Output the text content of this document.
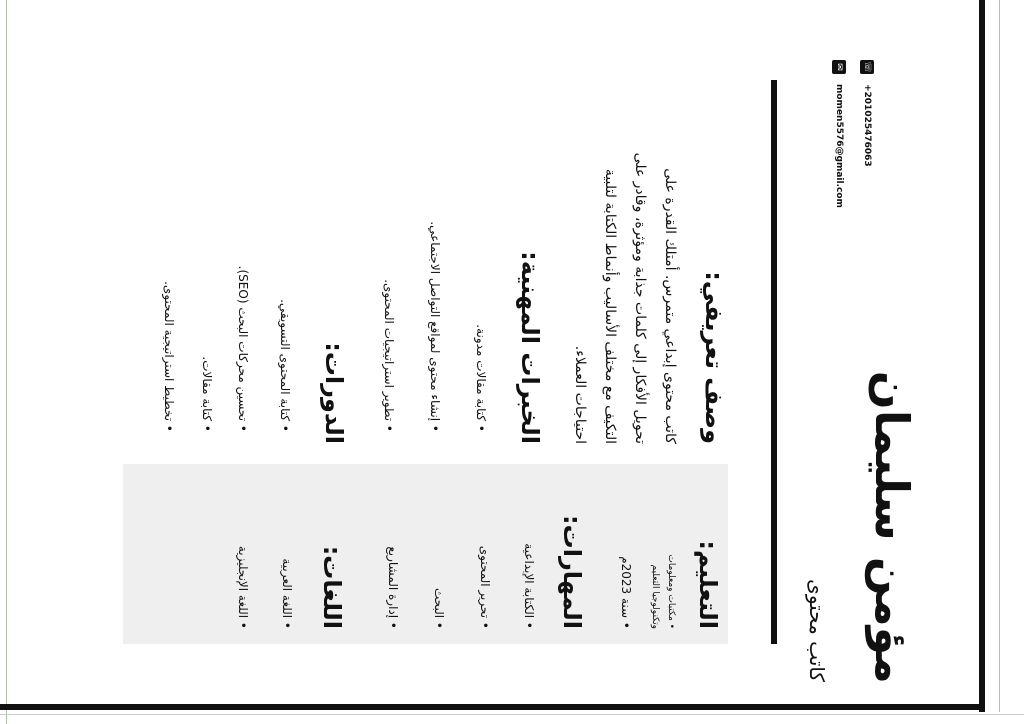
مؤمن سليمان
كاتب محتوى
☏
+201025476063
✉
momen5576@gmail.com
التعليم:
• مكتبات ومعلومات
وتكنولوجيا التعليم
• سنة 2023م
المهارات:
• الكتابة الإبداعية
• تحرير المحتوى
• البحث
• إدارة المشاريع
اللغات:
• اللغة العربية
• اللغة الإنجليزية
وصف تعريفي:
كاتب محتوى إبداعي متمرس. أمتلك القدرة على
تحويل الأفكار إلى كلمات جذابة ومؤثرة، وقادر على
التكيف مع مختلف الأساليب وأنماط الكتابة لتلبية
احتياجات العملاء.
الخبرات المهنية:
• كتابة مقالات مدونة.
• إنشاء محتوى لمواقع التواصل الاجتماعي.
• تطوير استراتيجيات المحتوى.
الدورات:
• كتابة المحتوى التسويقي.
• تحسين محركات البحث (SEO).
• كتابة مقالات.
• تخطيط استراتيجية المحتوى.
